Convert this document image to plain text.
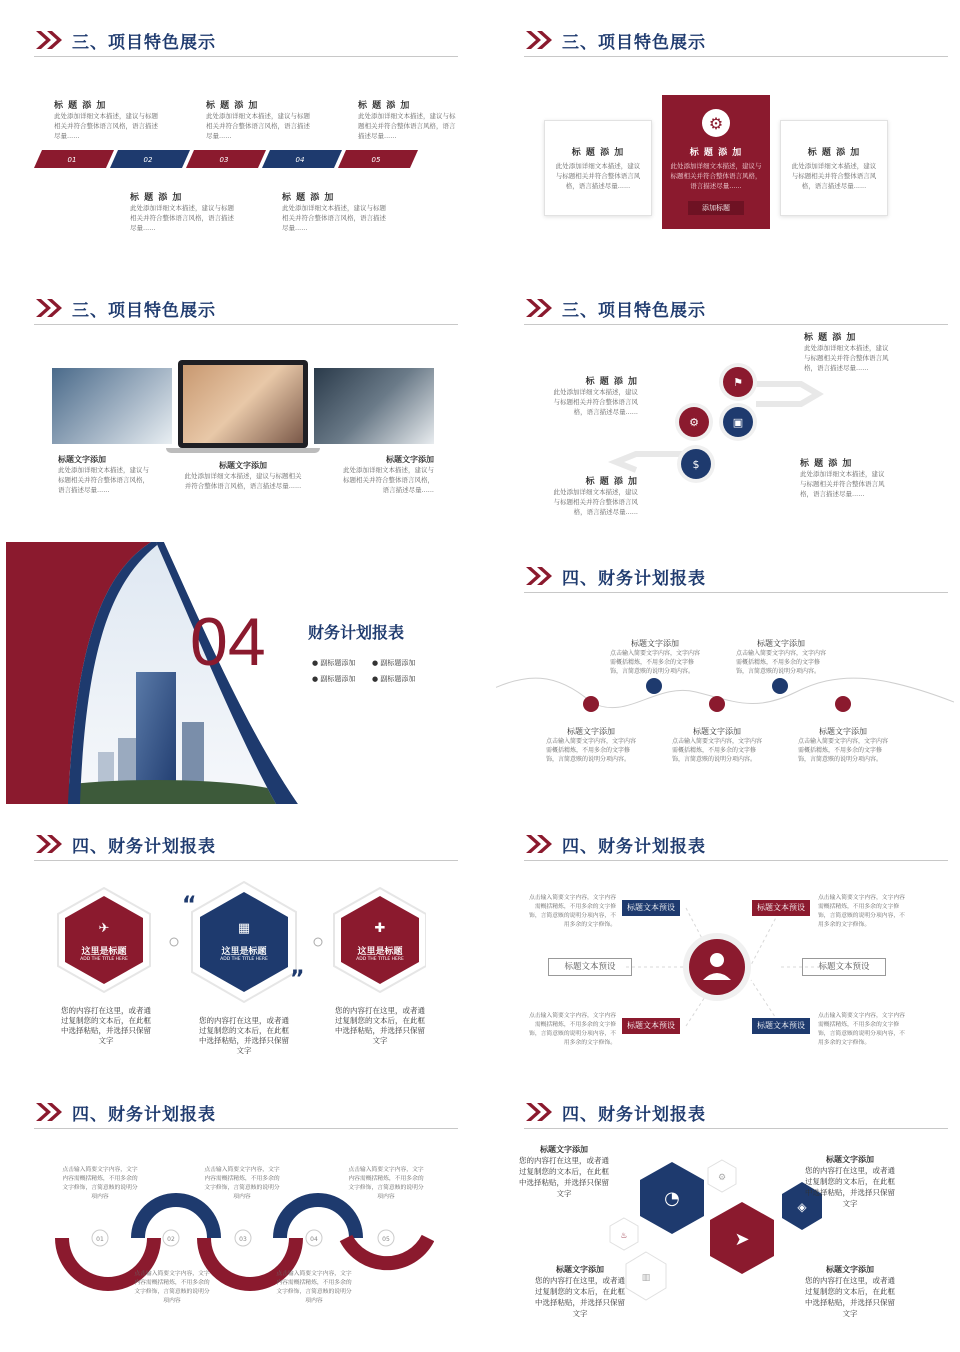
三、项目特色展示
标 题 添 加
此处添加详细文本描述，建议与标题相关并符合整体语言风格，语言描述尽量......
标 题 添 加
此处添加详细文本描述，建议与标题相关并符合整体语言风格，语言描述尽量......
标 题 添 加
此处添加详细文本描述，建议与标题相关并符合整体语言风格，语言描述尽量......
01	02	03	04	05
标 题 添 加
此处添加详细文本描述，建议与标题相关并符合整体语言风格，语言描述尽量......
标 题 添 加
此处添加详细文本描述，建议与标题相关并符合整体语言风格，语言描述尽量......
三、项目特色展示
标 题 添 加
此处添加详细文本描述，建议与标题相关并符合整体语言风格，语言描述尽量......
⚙
标 题 添 加
此处添加详细文本描述，建议与标题相关并符合整体语言风格，语言描述尽量......
添加标题
标 题 添 加
此处添加详细文本描述，建议与标题相关并符合整体语言风格，语言描述尽量......
三、项目特色展示
标题文字添加
此处添加详细文本描述，建议与标题相关并符合整体语言风格，语言描述尽量......
标题文字添加
此处添加详细文本描述，建议与标题相关并符合整体语言风格，语言描述尽量......
标题文字添加
此处添加详细文本描述，建议与标题相关并符合整体语言风格，语言描述尽量......
三、项目特色展示
⚑
⚙	▣
$
标 题 添 加
此处添加详细文本描述，建议与标题相关并符合整体语言风格，语言描述尽量......
标 题 添 加
此处添加详细文本描述，建议与标题相关并符合整体语言风格，语言描述尽量......
标 题 添 加
此处添加详细文本描述，建议与标题相关并符合整体语言风格，语言描述尽量......
标 题 添 加
此处添加详细文本描述，建议与标题相关并符合整体语言风格，语言描述尽量......
04	财务计划报表
● 副标题添加	● 副标题添加
● 副标题添加	● 副标题添加
四、财务计划报表
标题文字添加
点击输入简要文字内容，文字内容需概括精炼，不用多余的文字修饰，言简意赅的说明分项内容。
标题文字添加
点击输入简要文字内容，文字内容需概括精炼，不用多余的文字修饰，言简意赅的说明分项内容。
标题文字添加
点击输入简要文字内容，文字内容需概括精炼，不用多余的文字修饰，言简意赅的说明分项内容。
标题文字添加
点击输入简要文字内容，文字内容需概括精炼，不用多余的文字修饰，言简意赅的说明分项内容。
标题文字添加
点击输入简要文字内容，文字内容需概括精炼，不用多余的文字修饰，言简意赅的说明分项内容。
四、财务计划报表
“
”
✈	▦	✚
这里是标题
ADD THE TITLE HERE
这里是标题
ADD THE TITLE HERE
这里是标题
ADD THE TITLE HERE
您的内容打在这里，或者通过复制您的文本后，在此框中选择粘贴，并选择只保留文字
您的内容打在这里，或者通过复制您的文本后，在此框中选择粘贴，并选择只保留文字
您的内容打在这里，或者通过复制您的文本后，在此框中选择粘贴，并选择只保留文字
四、财务计划报表
标题文本预设	标题文本预设
标题文本预设	标题文本预设
标题文本预设	标题文本预设
点击输入简要文字内容，文字内容需概括精炼，不用多余的文字修饰，言简意赅的说明分项内容，不用多余的文字修饰。
点击输入简要文字内容，文字内容需概括精炼，不用多余的文字修饰，言简意赅的说明分项内容，不用多余的文字修饰。
点击输入简要文字内容，文字内容需概括精炼，不用多余的文字修饰，言简意赅的说明分项内容，不用多余的文字修饰。
点击输入简要文字内容，文字内容需概括精炼，不用多余的文字修饰，言简意赅的说明分项内容，不用多余的文字修饰。
四、财务计划报表
01	02	03	04	05
点击输入简要文字内容，文字内容需概括精炼，不用多余的文字修饰，言简意赅的说明分项内容
点击输入简要文字内容，文字内容需概括精炼，不用多余的文字修饰，言简意赅的说明分项内容
点击输入简要文字内容，文字内容需概括精炼，不用多余的文字修饰，言简意赅的说明分项内容
点击输入简要文字内容，文字内容需概括精炼，不用多余的文字修饰，言简意赅的说明分项内容
点击输入简要文字内容，文字内容需概括精炼，不用多余的文字修饰，言简意赅的说明分项内容
四、财务计划报表
◔
➤
◈
♨
▥
⚙
标题文字添加
您的内容打在这里，或者通过复制您的文本后，在此框中选择粘贴，并选择只保留文字
标题文字添加
您的内容打在这里，或者通过复制您的文本后，在此框中选择粘贴，并选择只保留文字
标题文字添加
您的内容打在这里，或者通过复制您的文本后，在此框中选择粘贴，并选择只保留文字
标题文字添加
您的内容打在这里，或者通过复制您的文本后，在此框中选择粘贴，并选择只保留文字
